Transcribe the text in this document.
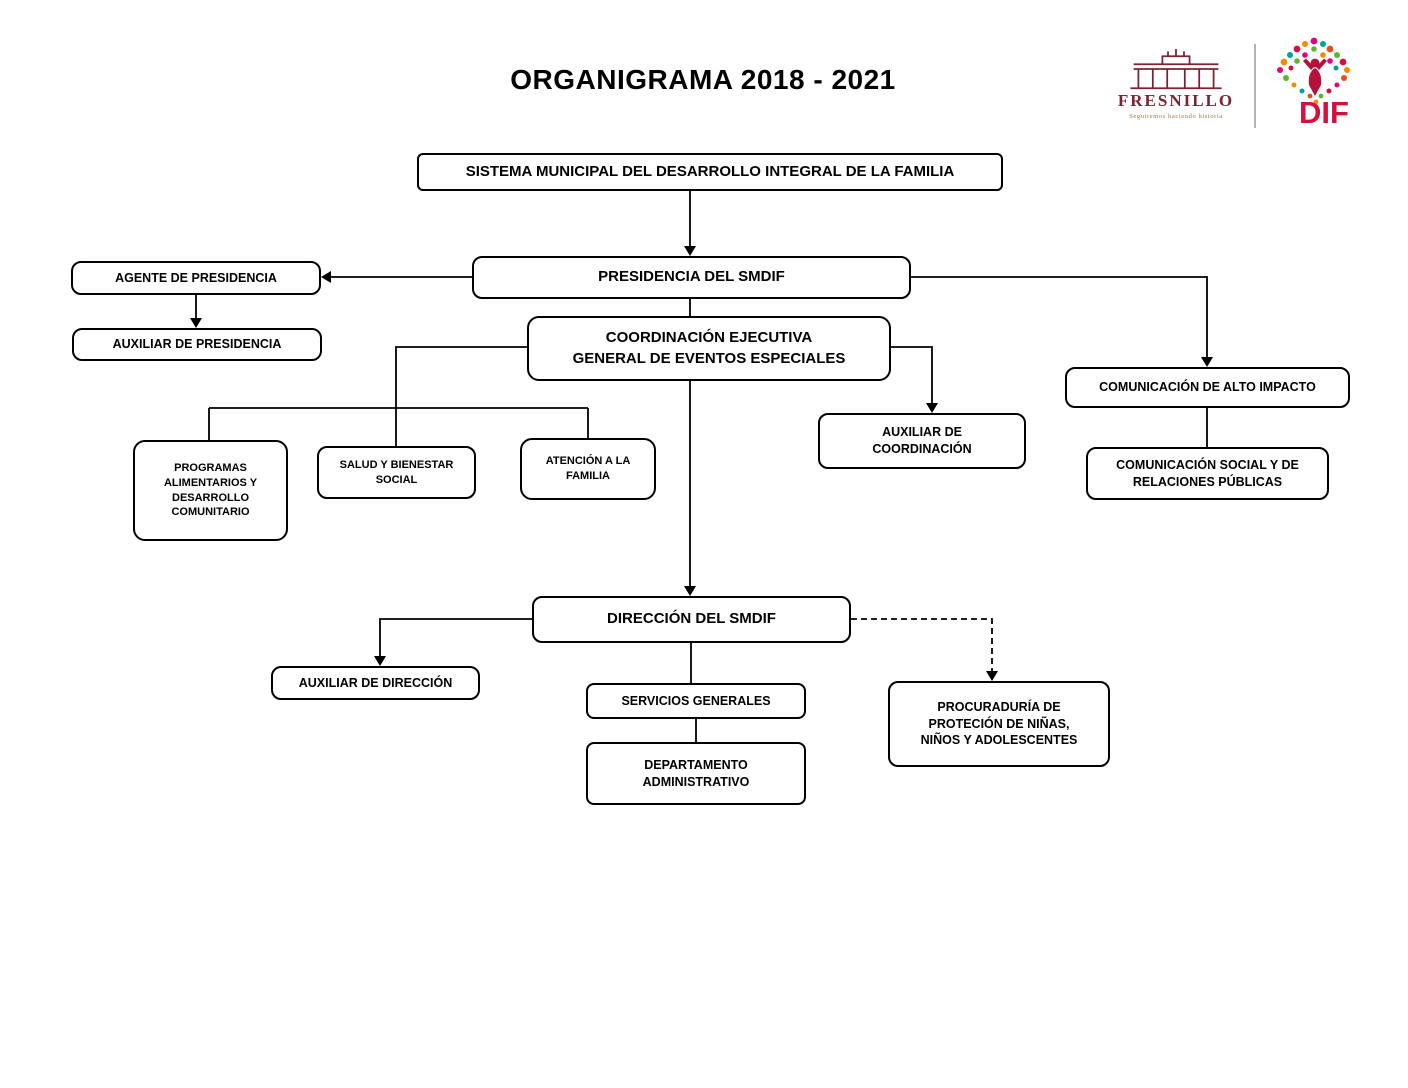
ORGANIGRAMA 2018 - 2021
FRESNILLO
Seguiremos haciendo historia	DIF
SISTEMA MUNICIPAL DEL DESARROLLO INTEGRAL DE LA FAMILIA
PRESIDENCIA DEL SMDIF
AGENTE DE PRESIDENCIA
AUXILIAR DE PRESIDENCIA	COORDINACIÓN EJECUTIVA GENERAL DE EVENTOS ESPECIALES
COMUNICACIÓN DE ALTO IMPACTO
COMUNICACIÓN SOCIAL Y DE RELACIONES PÚBLICAS
AUXILIAR DE COORDINACIÓN
PROGRAMAS ALIMENTARIOS Y DESARROLLO COMUNITARIO
SALUD Y BIENESTAR SOCIAL
ATENCIÓN A LA FAMILIA
DIRECCIÓN DEL SMDIF
AUXILIAR DE DIRECCIÓN
SERVICIOS GENERALES
DEPARTAMENTO ADMINISTRATIVO
PROCURADURÍA DE PROTECIÓN DE NIÑAS, NIÑOS Y ADOLESCENTES
